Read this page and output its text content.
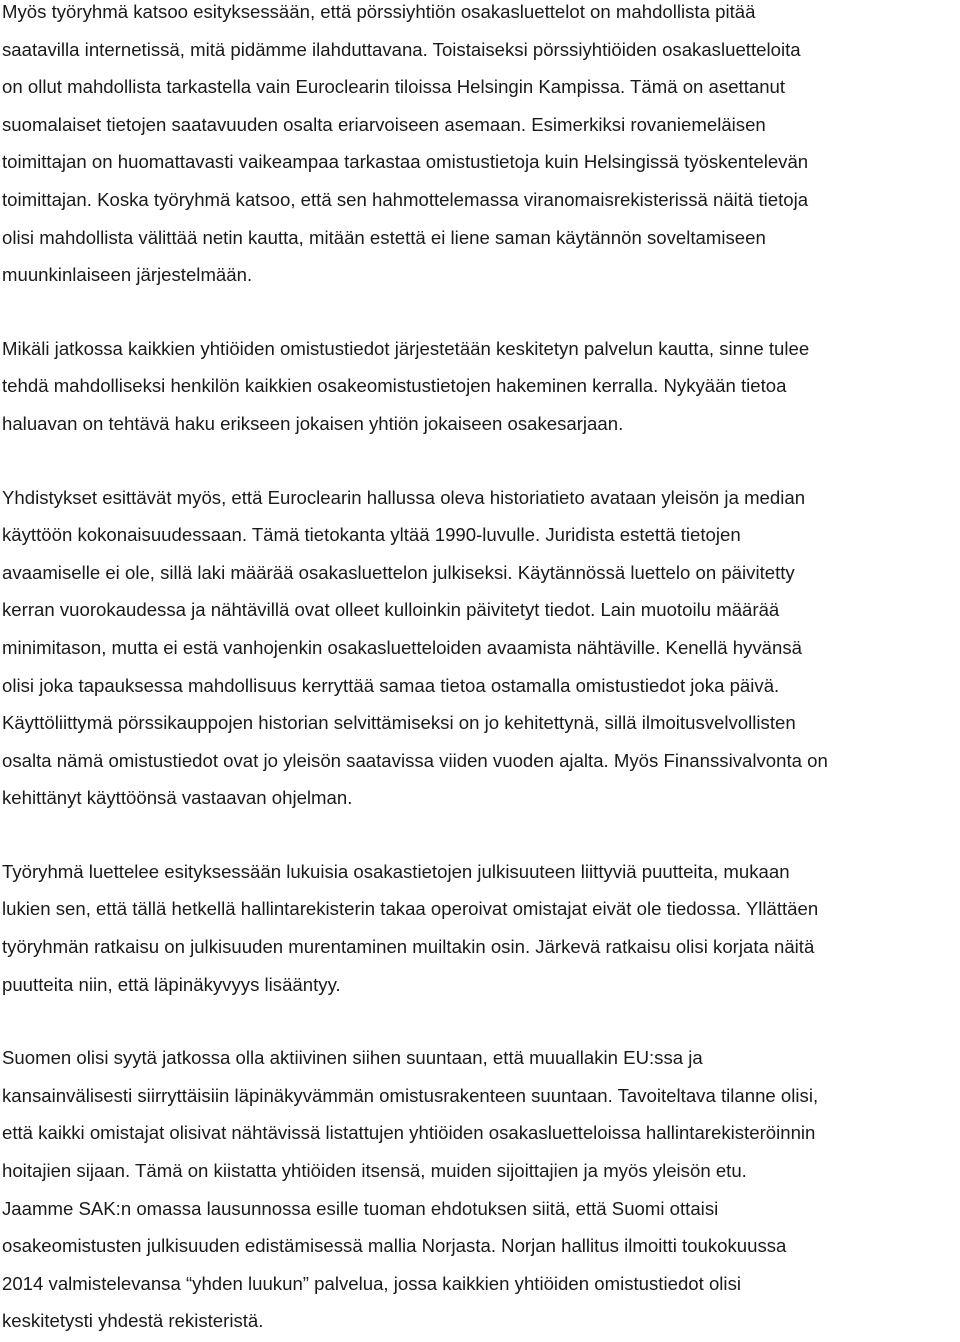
Myös työryhmä katsoo esityksessään, että pörssiyhtiön osakasluettelot on mahdollista pitää
saatavilla internetissä, mitä pidämme ilahduttavana. Toistaiseksi pörssiyhtiöiden osakasluetteloita
on ollut mahdollista tarkastella vain Euroclearin tiloissa Helsingin Kampissa. Tämä on asettanut
suomalaiset tietojen saatavuuden osalta eriarvoiseen asemaan. Esimerkiksi rovaniemeläisen
toimittajan on huomattavasti vaikeampaa tarkastaa omistustietoja kuin Helsingissä työskentelevän
toimittajan. Koska työryhmä katsoo, että sen hahmottelemassa viranomaisrekisterissä näitä tietoja
olisi mahdollista välittää netin kautta, mitään estettä ei liene saman käytännön soveltamiseen
muunkinlaiseen järjestelmään.

Mikäli jatkossa kaikkien yhtiöiden omistustiedot järjestetään keskitetyn palvelun kautta, sinne tulee
tehdä mahdolliseksi henkilön kaikkien osakeomistustietojen hakeminen kerralla. Nykyään tietoa
haluavan on tehtävä haku erikseen jokaisen yhtiön jokaiseen osakesarjaan.

Yhdistykset esittävät myös, että Euroclearin hallussa oleva historiatieto avataan yleisön ja median
käyttöön kokonaisuudessaan. Tämä tietokanta yltää 1990-luvulle. Juridista estettä tietojen
avaamiselle ei ole, sillä laki määrää osakasluettelon julkiseksi. Käytännössä luettelo on päivitetty
kerran vuorokaudessa ja nähtävillä ovat olleet kulloinkin päivitetyt tiedot. Lain muotoilu määrää
minimitason, mutta ei estä vanhojenkin osakasluetteloiden avaamista nähtäville. Kenellä hyvänsä
olisi joka tapauksessa mahdollisuus kerryttää samaa tietoa ostamalla omistustiedot joka päivä.
Käyttöliittymä pörssikauppojen historian selvittämiseksi on jo kehitettynä, sillä ilmoitusvelvollisten
osalta nämä omistustiedot ovat jo yleisön saatavissa viiden vuoden ajalta. Myös Finanssivalvonta on
kehittänyt käyttöönsä vastaavan ohjelman.

Työryhmä luettelee esityksessään lukuisia osakastietojen julkisuuteen liittyviä puutteita, mukaan
lukien sen, että tällä hetkellä hallintarekisterin takaa operoivat omistajat eivät ole tiedossa. Yllättäen
työryhmän ratkaisu on julkisuuden murentaminen muiltakin osin. Järkevä ratkaisu olisi korjata näitä
puutteita niin, että läpinäkyvyys lisääntyy.

Suomen olisi syytä jatkossa olla aktiivinen siihen suuntaan, että muuallakin EU:ssa ja
kansainvälisesti siirryttäisiin läpinäkyvämmän omistusrakenteen suuntaan. Tavoiteltava tilanne olisi,
että kaikki omistajat olisivat nähtävissä listattujen yhtiöiden osakasluetteloissa hallintarekisteröinnin
hoitajien sijaan. Tämä on kiistatta yhtiöiden itsensä, muiden sijoittajien ja myös yleisön etu.
Jaamme SAK:n omassa lausunnossa esille tuoman ehdotuksen siitä, että Suomi ottaisi
osakeomistusten julkisuuden edistämisessä mallia Norjasta. Norjan hallitus ilmoitti toukokuussa
2014 valmistelevansa “yhden luukun” palvelua, jossa kaikkien yhtiöiden omistustiedot olisi
keskitetysti yhdestä rekisteristä.
